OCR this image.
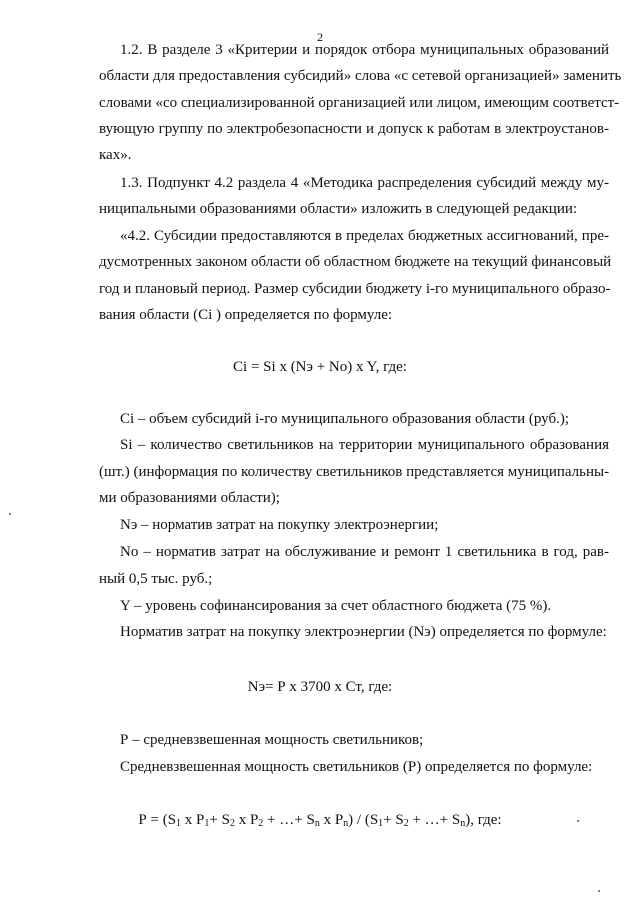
2
1.2. В разделе 3 «Критерии и порядок отбора муниципальных образований
области для предоставления субсидий» слова «с сетевой организацией» заменить
словами «со специализированной организацией или лицом, имеющим соответст-
вующую группу по электробезопасности и допуск к работам в электроустанов-
ках».
1.3. Подпункт 4.2 раздела 4 «Методика распределения субсидий между му-
ниципальными образованиями области» изложить в следующей редакции:
«4.2. Субсидии предоставляются в пределах бюджетных ассигнований, пре-
дусмотренных законом области об областном бюджете на текущий финансовый
год и плановый период. Размер субсидии бюджету i-го муниципального образо-
вания области (Сi ) определяется по формуле:
Сi = Si x (Nэ + Nо) x Y, где:
Сi – объем субсидий i-го муниципального образования области (руб.);
Si – количество светильников на территории муниципального образования
(шт.) (информация по количеству светильников представляется муниципальны-
ми образованиями области);
Nэ – норматив затрат на покупку электроэнергии;
Nо – норматив затрат на обслуживание и ремонт 1 светильника в год, рав-
ный 0,5 тыс. руб.;
Y – уровень софинансирования за счет областного бюджета (75 %).
Норматив затрат на покупку электроэнергии (Nэ) определяется по формуле:
Nэ= Р x 3700 x Ст, где:
Р – средневзвешенная мощность светильников;
Средневзвешенная мощность светильников (Р) определяется по формуле:
$Р = (S_1$ x $P_1+ S_2$ x $P_2$ + …+ $S_n$ x $P_n) / (S_1+ S_2$ + …+ $S_n$), где:
